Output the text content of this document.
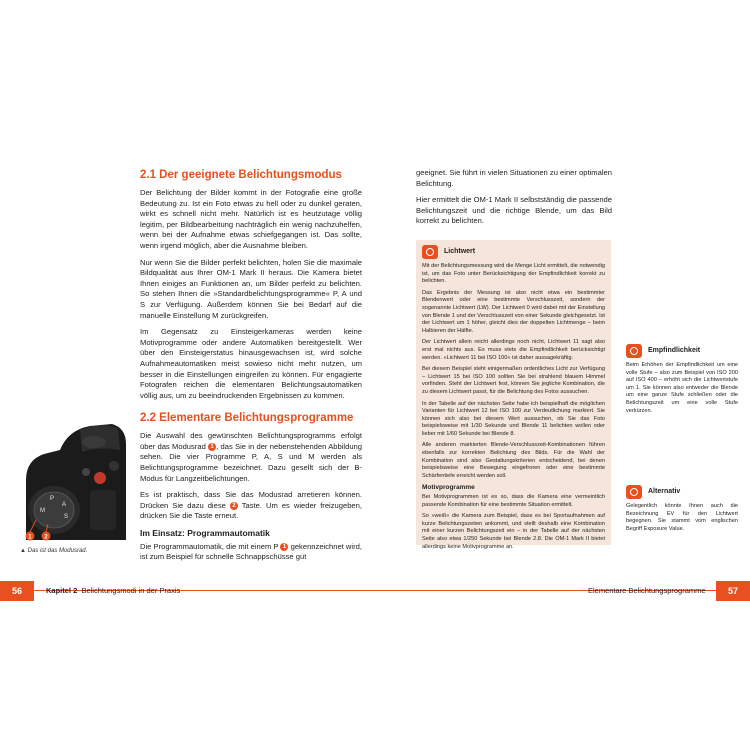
2.1 Der geeignete Belichtungsmodus

Der Belichtung der Bilder kommt in der Fotografie eine große Bedeutung zu. Ist ein Foto etwas zu hell oder zu dunkel geraten, wirkt es schnell nicht mehr. Natürlich ist es heutzutage völlig legitim, per Bildbearbeitung nachträglich ein wenig nachzuhelfen, wenn bei der Aufnahme etwas schiefgegangen ist. Das sollte, wenn irgend möglich, aber die Ausnahme bleiben.

Nur wenn Sie die Bilder perfekt belichten, holen Sie die maximale Bildqualität aus Ihrer OM-1 Mark II heraus. Die Kamera bietet Ihnen einiges an Funktionen an, um Bilder perfekt zu belichten. So stehen Ihnen die »Standardbelichtungsprogramme« P, A und S zur Verfügung. Außerdem können Sie bei Bedarf auf die manuelle Einstellung M zurückgreifen.

Im Gegensatz zu Einsteigerkameras werden keine Motivprogramme oder andere Automatiken bereitgestellt. Wer über den Einsteigerstatus hinausgewachsen ist, wird solche Aufnahmeautomatiken meist sowieso nicht mehr nutzen, um besser in die Einstellungen eingreifen zu können. Für engagierte Fotografen reichen die elementaren Belichtungsautomatiken völlig aus, um zu beeindruckenden Ergebnissen zu kommen.

2.2 Elementare Belichtungsprogramme

Die Auswahl des gewünschten Belichtungsprogramms erfolgt über das Modusrad 1 , das Sie in der nebenstehenden Abbildung sehen. Die vier Programme P, A, S und M werden als Belichtungsprogramme bezeichnet. Dazu gesellt sich der B-Modus für Langzeitbelichtungen.

Es ist praktisch, dass Sie das Modusrad arretieren können. Drücken Sie dazu diese 2 Taste. Um es wieder freizugeben, drücken Sie die Taste erneut.

Im Einsatz: Programmautomatik

Die Programmautomatik, die mit einem P 1 gekennzeichnet wird, ist zum Beispiel für schnelle Schnappschüsse gut

P
A
S
M
1 2
▲ Das ist das Modusrad.
56	Kapitel 2 Belichtungsmodi in der Praxis	57
Elementare Belichtungsprogramme

geeignet. Sie führt in vielen Situationen zu einer optimalen Belichtung.

Hier ermittelt die OM-1 Mark II selbstständig die passende Belichtungszeit und die richtige Blende, um das Bild korrekt zu belichten.

Lichtwert

Mit der Belichtungsmessung wird die Menge Licht ermittelt, die notwendig ist, um das Foto unter Berücksichtigung der Empfindlichkeit korrekt zu belichten.

Das Ergebnis der Messung ist also nicht etwa ein bestimmter Blendenwert oder eine bestimmte Verschlusszeit, sondern der sogenannte Lichtwert (LW). Der Lichtwert 0 wird dabei mit der Einstellung von Blende 1 und der Verschlusszeit von einer Sekunde gleichgesetzt. Ist der Lichtwert um 1 höher, gleicht dies der doppelten Lichtmenge – beim Halbieren der Hälfte.

Der Lichtwert allein reicht allerdings noch nicht, Lichtwert 11 sagt also erst mal nichts aus. Es muss stets die Empfindlichkeit berücksichtigt werden. »Lichtwert 11 bei ISO 100« ist daher aussagekräftig.

Bei diesem Beispiel steht einigermaßen ordentliches Licht zur Verfügung – Lichtwert 15 bei ISO 100 sollten Sie bei strahlend blauem Himmel vorfinden. Steht der Lichtwert fest, können Sie jegliche Kombination, die zu diesem Lichtwert passt, für die Belichtung des Fotos aussuchen.

In der Tabelle auf der nächsten Seite habe ich beispielhaft die möglichen Varianten für Lichtwert 12 bei ISO 100 zur Verdeutlichung markiert. Sie können sich also bei diesem Wert aussuchen, ob Sie das Foto beispielsweise mit 1/30 Sekunde und Blende 11 belichten wollen oder lieber mit 1/60 Sekunde bei Blende 8.

Alle anderen markierten Blende-Verschlusszeit-Kombinationen führen ebenfalls zur korrekten Belichtung des Bilds. Für die Wahl der Kombination sind also Gestaltungskriterien entscheidend, bei denen beispielsweise eine Bewegung eingefroren oder eine bestimmte Schärfentiefe erreicht werden soll.

Motivprogramme

Bei Motivprogrammen ist es so, dass die Kamera eine vermeintlich passende Kombination für eine bestimmte Situation ermittelt.

So »weiß« die Kamera zum Beispiel, dass es bei Sportaufnahmen auf kurze Belichtungszeiten ankommt, und stellt deshalb eine Kombination mit einer kurzen Belichtungszeit ein – in der Tabelle auf der nächsten Seite also etwa 1/250 Sekunde bei Blende 2.8. Die OM-1 Mark II bietet allerdings keine Motivprogramme an.

Empfindlichkeit
Beim Erhöhen der Empfindlichkeit um eine volle Stufe – also zum Beispiel von ISO 200 auf ISO 400 – erhöht sich die Lichtwertstufe um 1. Sie können also entweder die Blende um eine ganze Stufe schließen oder die Belichtungszeit um eine volle Stufe verkürzen.
Alternativ
Gelegentlich könnte Ihnen auch die Bezeichnung EV für den Lichtwert begegnen. Sie stammt vom englischen Begriff Exposure Value.
